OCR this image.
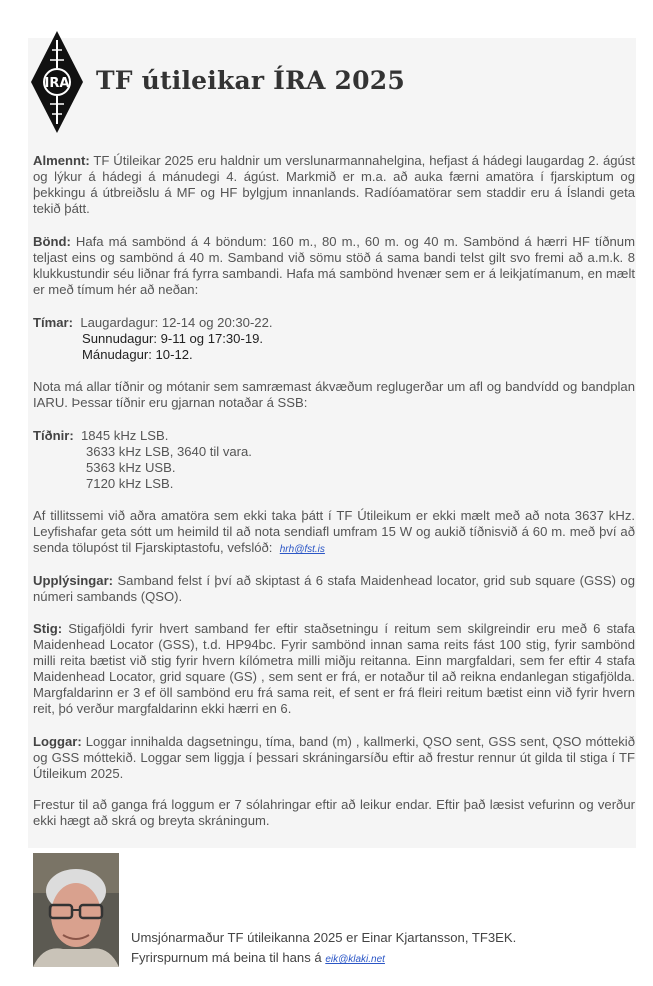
IRA TF útileikar ÍRA 2025

Almennt: TF Útileikar 2025 eru haldnir um verslunarmannahelgina, hefjast á hádegi laugardag 2. ágúst og lýkur á hádegi á mánudegi 4. ágúst. Markmið er m.a. að auka færni amatöra í fjarskiptum og þekkingu á útbreiðslu á MF og HF bylgjum innanlands. Radíóamatörar sem staddir eru á Íslandi geta tekið þátt.

Bönd: Hafa má sambönd á 4 böndum: 160 m., 80 m., 60 m. og 40 m. Sambönd á hærri HF tíðnum teljast eins og sambönd á 40 m. Samband við sömu stöð á sama bandi telst gilt svo fremi að a.m.k. 8 klukkustundir séu liðnar frá fyrra sambandi. Hafa má sambönd hvenær sem er á leikjatímanum, en mælt er með tímum hér að neðan:

Tímar: Laugardagur: 12-14 og 20:30-22.

Sunnudagur: 9-11 og 17:30-19.

Mánudagur: 10-12.

Nota má allar tíðnir og mótanir sem samræmast ákvæðum reglugerðar um afl og bandvídd og bandplan IARU. Þessar tíðnir eru gjarnan notaðar á SSB:

Tíðnir: 1845 kHz LSB.

3633 kHz LSB, 3640 til vara.

5363 kHz USB.

7120 kHz LSB.

Af tillitssemi við aðra amatöra sem ekki taka þátt í TF Útileikum er ekki mælt með að nota 3637 kHz. Leyfishafar geta sótt um heimild til að nota sendiafl umfram 15 W og aukið tíðnisvið á 60 m. með því að senda tölupóst til Fjarskiptastofu, vefslóð: hrh@fst.is

Upplýsingar: Samband felst í því að skiptast á 6 stafa Maidenhead locator, grid sub square (GSS) og númeri sambands (QSO).

Stig: Stigafjöldi fyrir hvert samband fer eftir staðsetningu í reitum sem skilgreindir eru með 6 stafa Maidenhead Locator (GSS), t.d. HP94bc. Fyrir sambönd innan sama reits fást 100 stig, fyrir sambönd milli reita bætist við stig fyrir hvern kílómetra milli miðju reitanna. Einn margfaldari, sem fer eftir 4 stafa Maidenhead Locator, grid square (GS) , sem sent er frá, er notaður til að reikna endanlegan stigafjölda. Margfaldarinn er 3 ef öll sambönd eru frá sama reit, ef sent er frá fleiri reitum bætist einn við fyrir hvern reit, þó verður margfaldarinn ekki hærri en 6.

Loggar: Loggar innihalda dagsetningu, tíma, band (m) , kallmerki, QSO sent, GSS sent, QSO móttekið og GSS móttekið. Loggar sem liggja í þessari skráningarsíðu eftir að frestur rennur út gilda til stiga í TF Útileikum 2025.

Frestur til að ganga frá loggum er 7 sólahringar eftir að leikur endar. Eftir það læsist vefurinn og verður ekki hægt að skrá og breyta skráningum.

Umsjónarmaður TF útileikanna 2025 er Einar Kjartansson, TF3EK.

Fyrirspurnum má beina til hans á eik@klaki.net
